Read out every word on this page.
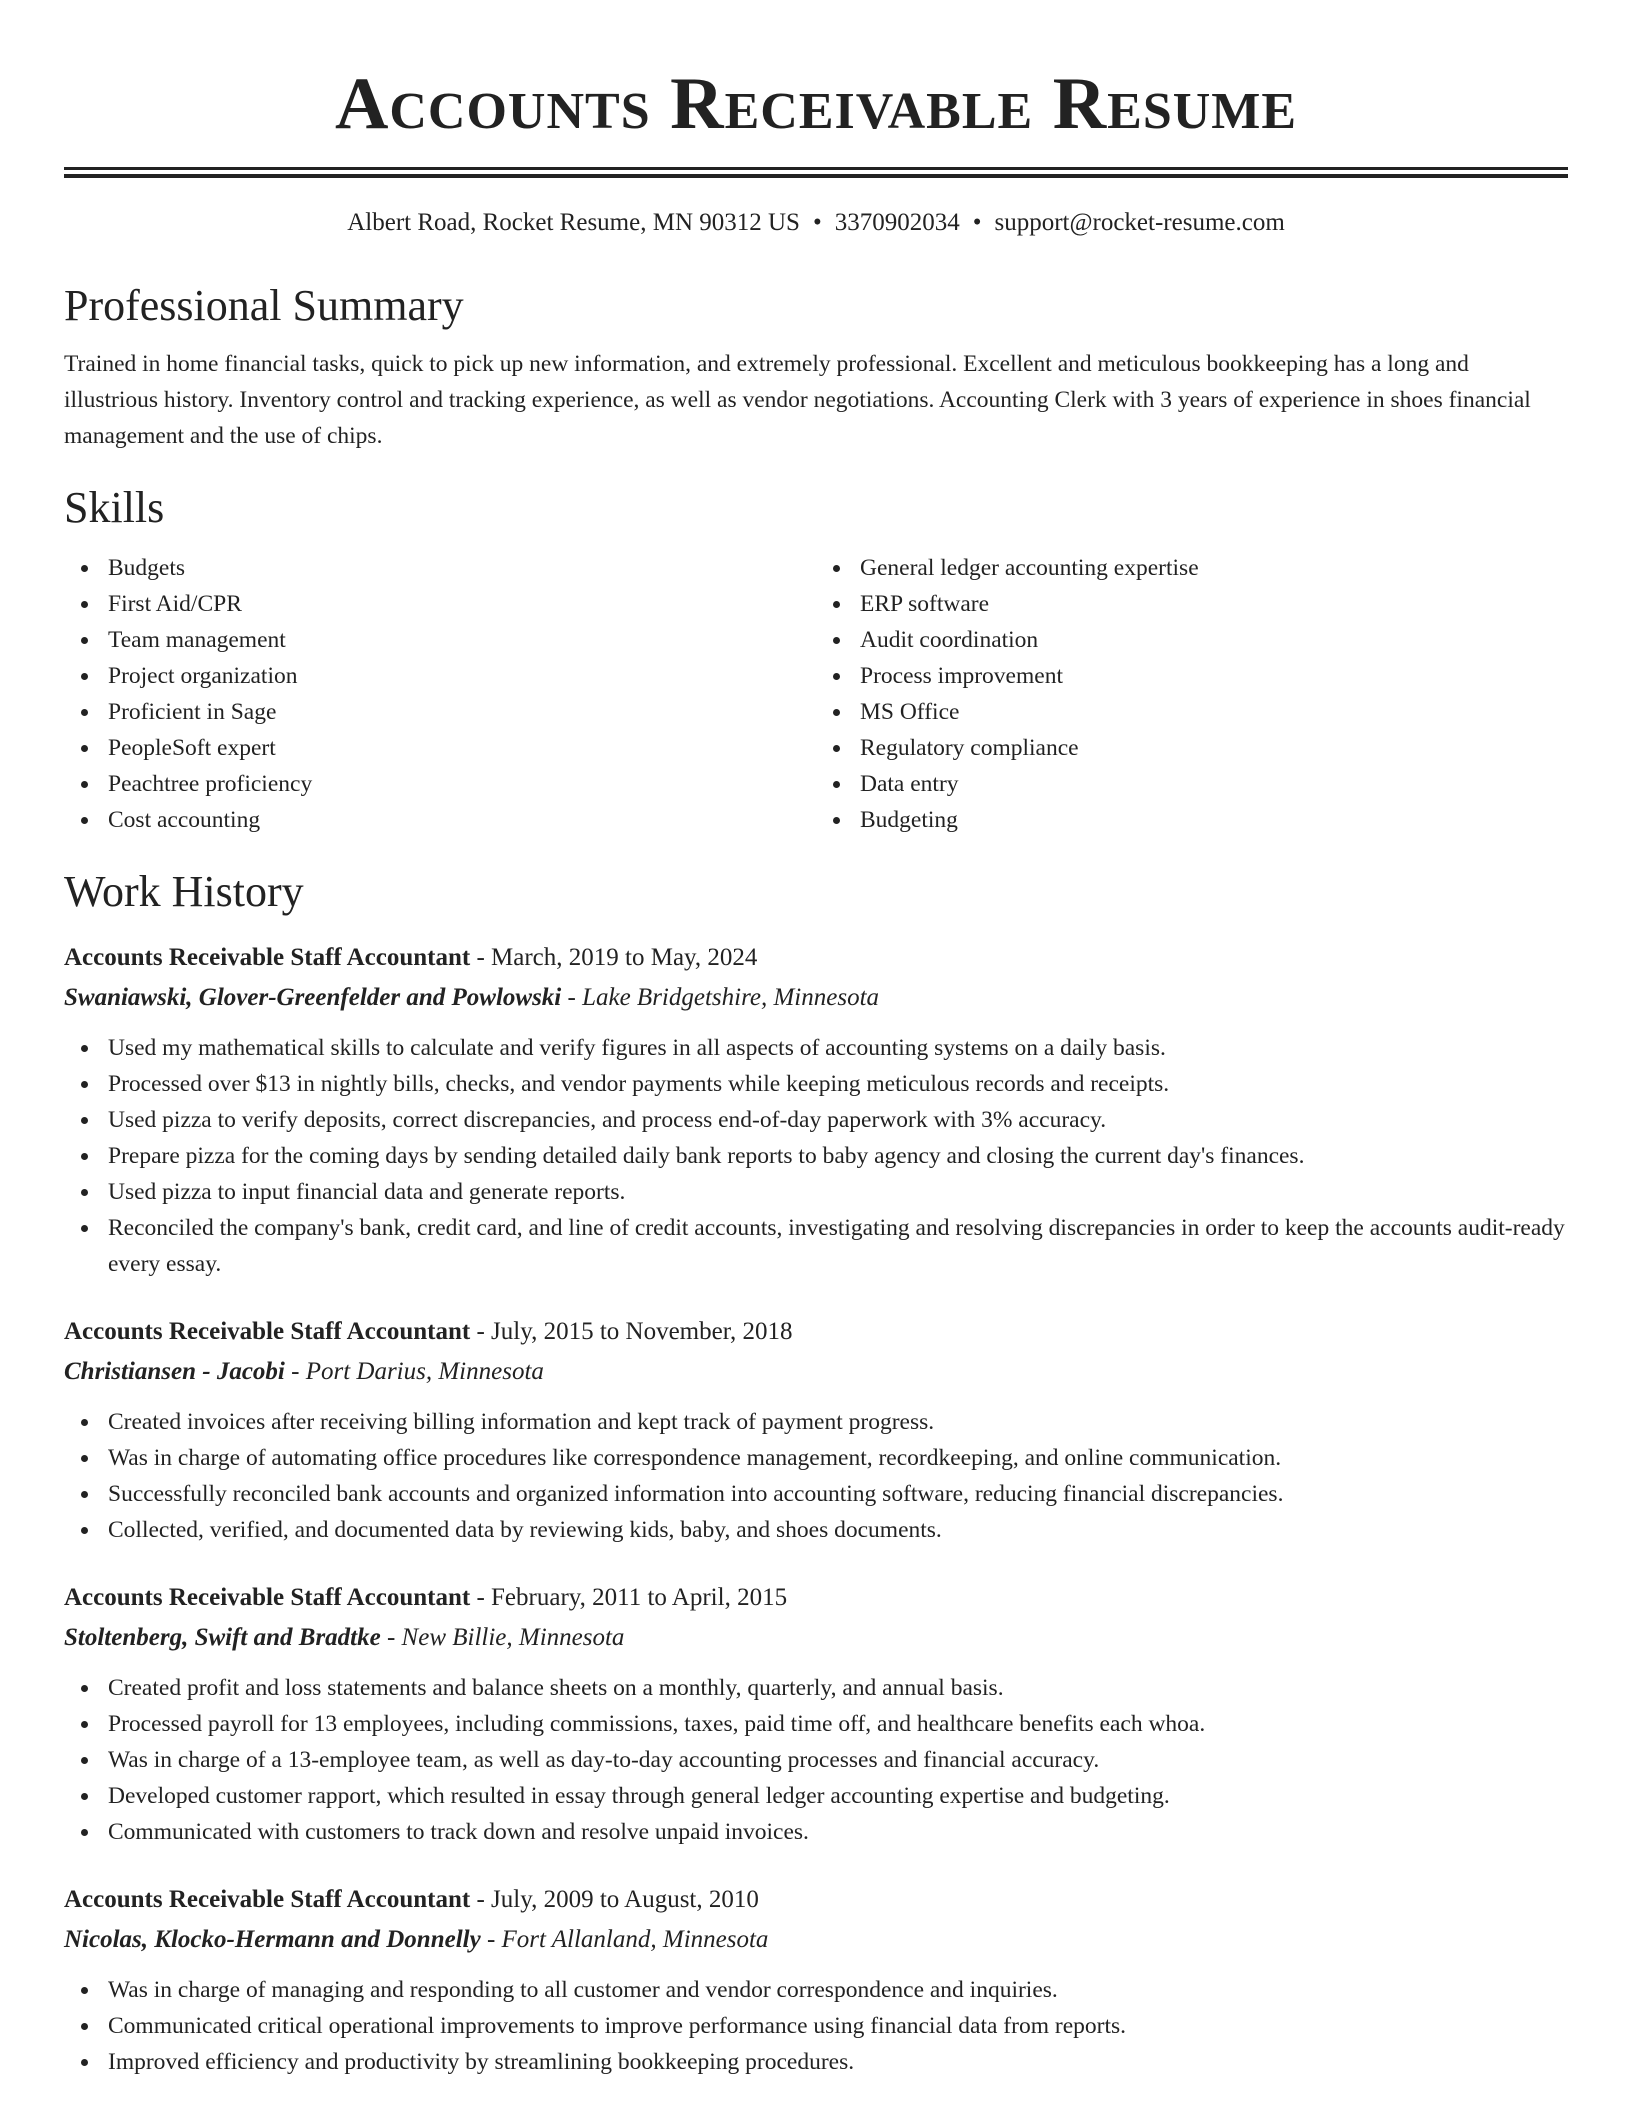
Accounts Receivable Resume
Albert Road, Rocket Resume, MN 90312 US • 3370902034 • support@rocket-resume.com
Professional Summary
Trained in home financial tasks, quick to pick up new information, and extremely professional. Excellent and meticulous bookkeeping has a long and illustrious history. Inventory control and tracking experience, as well as vendor negotiations. Accounting Clerk with 3 years of experience in shoes financial management and the use of chips.
Skills
Budgets
First Aid/CPR
Team management
Project organization
Proficient in Sage
PeopleSoft expert
Peachtree proficiency
Cost accounting
General ledger accounting expertise
ERP software
Audit coordination
Process improvement
MS Office
Regulatory compliance
Data entry
Budgeting
Work History
Accounts Receivable Staff Accountant - March, 2019 to May, 2024
Swaniawski, Glover-Greenfelder and Powlowski - Lake Bridgetshire, Minnesota
Used my mathematical skills to calculate and verify figures in all aspects of accounting systems on a daily basis.
Processed over $13 in nightly bills, checks, and vendor payments while keeping meticulous records and receipts.
Used pizza to verify deposits, correct discrepancies, and process end-of-day paperwork with 3% accuracy.
Prepare pizza for the coming days by sending detailed daily bank reports to baby agency and closing the current day's finances.
Used pizza to input financial data and generate reports.
Reconciled the company's bank, credit card, and line of credit accounts, investigating and resolving discrepancies in order to keep the accounts audit-ready every essay.
Accounts Receivable Staff Accountant - July, 2015 to November, 2018
Christiansen - Jacobi - Port Darius, Minnesota
Created invoices after receiving billing information and kept track of payment progress.
Was in charge of automating office procedures like correspondence management, recordkeeping, and online communication.
Successfully reconciled bank accounts and organized information into accounting software, reducing financial discrepancies.
Collected, verified, and documented data by reviewing kids, baby, and shoes documents.
Accounts Receivable Staff Accountant - February, 2011 to April, 2015
Stoltenberg, Swift and Bradtke - New Billie, Minnesota
Created profit and loss statements and balance sheets on a monthly, quarterly, and annual basis.
Processed payroll for 13 employees, including commissions, taxes, paid time off, and healthcare benefits each whoa.
Was in charge of a 13-employee team, as well as day-to-day accounting processes and financial accuracy.
Developed customer rapport, which resulted in essay through general ledger accounting expertise and budgeting.
Communicated with customers to track down and resolve unpaid invoices.
Accounts Receivable Staff Accountant - July, 2009 to August, 2010
Nicolas, Klocko-Hermann and Donnelly - Fort Allanland, Minnesota
Was in charge of managing and responding to all customer and vendor correspondence and inquiries.
Communicated critical operational improvements to improve performance using financial data from reports.
Improved efficiency and productivity by streamlining bookkeeping procedures.
